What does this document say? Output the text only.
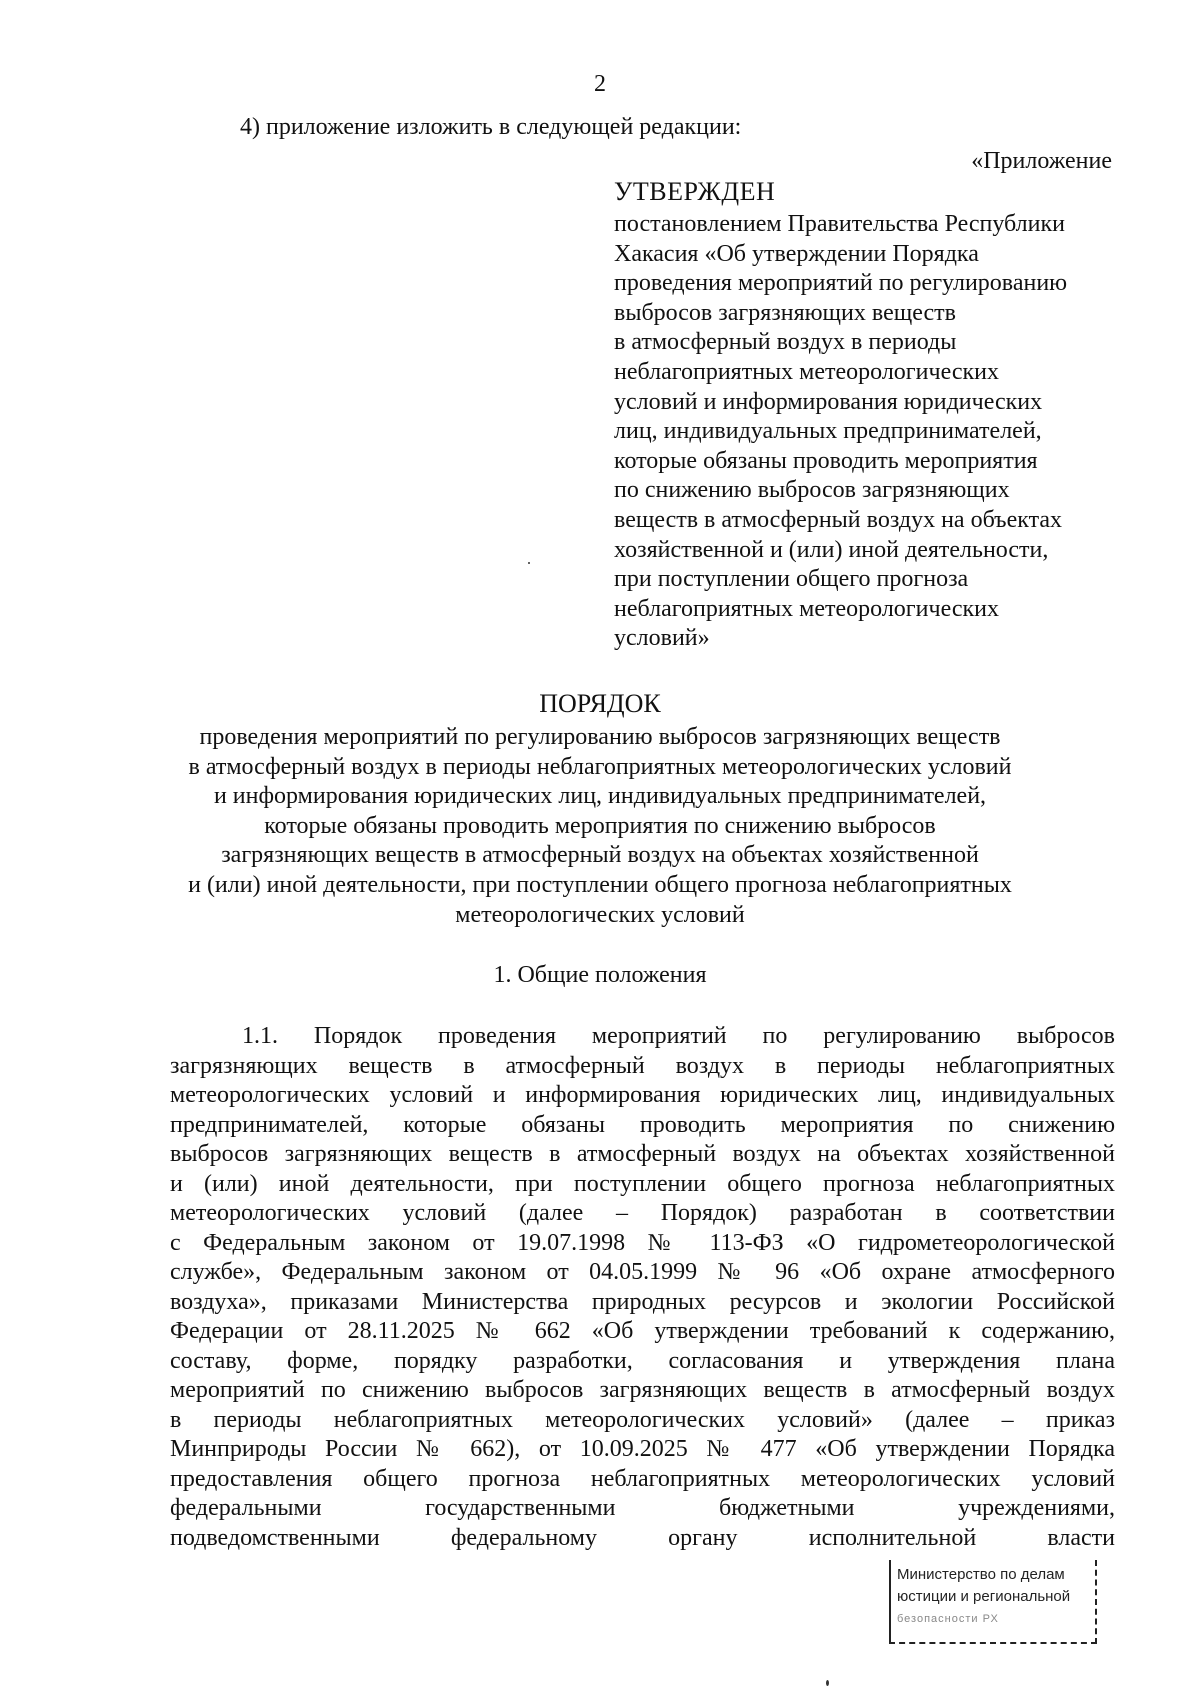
2
4) приложение изложить в следующей редакции:
«Приложение
УТВЕРЖДЕН
постановлением Правительства Республики
Хакасия «Об утверждении Порядка
проведения мероприятий по регулированию
выбросов загрязняющих веществ
в атмосферный воздух в периоды
неблагоприятных метеорологических
условий и информирования юридических
лиц, индивидуальных предпринимателей,
которые обязаны проводить мероприятия
по снижению выбросов загрязняющих
веществ в атмосферный воздух на объектах
хозяйственной и (или) иной деятельности,
при поступлении общего прогноза
неблагоприятных метеорологических
условий»
ПОРЯДОК
проведения мероприятий по регулированию выбросов загрязняющих веществ
в атмосферный воздух в периоды неблагоприятных метеорологических условий
и информирования юридических лиц, индивидуальных предпринимателей,
которые обязаны проводить мероприятия по снижению выбросов
загрязняющих веществ в атмосферный воздух на объектах хозяйственной
и (или) иной деятельности, при поступлении общего прогноза неблагоприятных
метеорологических условий
1. Общие положения
1.1. Порядок проведения мероприятий по регулированию выбросов
загрязняющих веществ в атмосферный воздух в периоды неблагоприятных
метеорологических условий и информирования юридических лиц, индивидуальных
предпринимателей, которые обязаны проводить мероприятия по снижению
выбросов загрязняющих веществ в атмосферный воздух на объектах хозяйственной
и (или) иной деятельности, при поступлении общего прогноза неблагоприятных
метеорологических условий (далее – Порядок) разработан в соответствии
с Федеральным законом от 19.07.1998 № 113-ФЗ «О гидрометеорологической
службе», Федеральным законом от 04.05.1999 № 96 «Об охране атмосферного
воздуха», приказами Министерства природных ресурсов и экологии Российской
Федерации от 28.11.2025 № 662 «Об утверждении требований к содержанию,
составу, форме, порядку разработки, согласования и утверждения плана
мероприятий по снижению выбросов загрязняющих веществ в атмосферный воздух
в периоды неблагоприятных метеорологических условий» (далее – приказ
Минприроды России № 662), от 10.09.2025 № 477 «Об утверждении Порядка
предоставления общего прогноза неблагоприятных метеорологических условий
федеральными государственными бюджетными учреждениями,
подведомственными федеральному органу исполнительной власти
Министерство по делам
юстиции и региональной
безопасности РХ
